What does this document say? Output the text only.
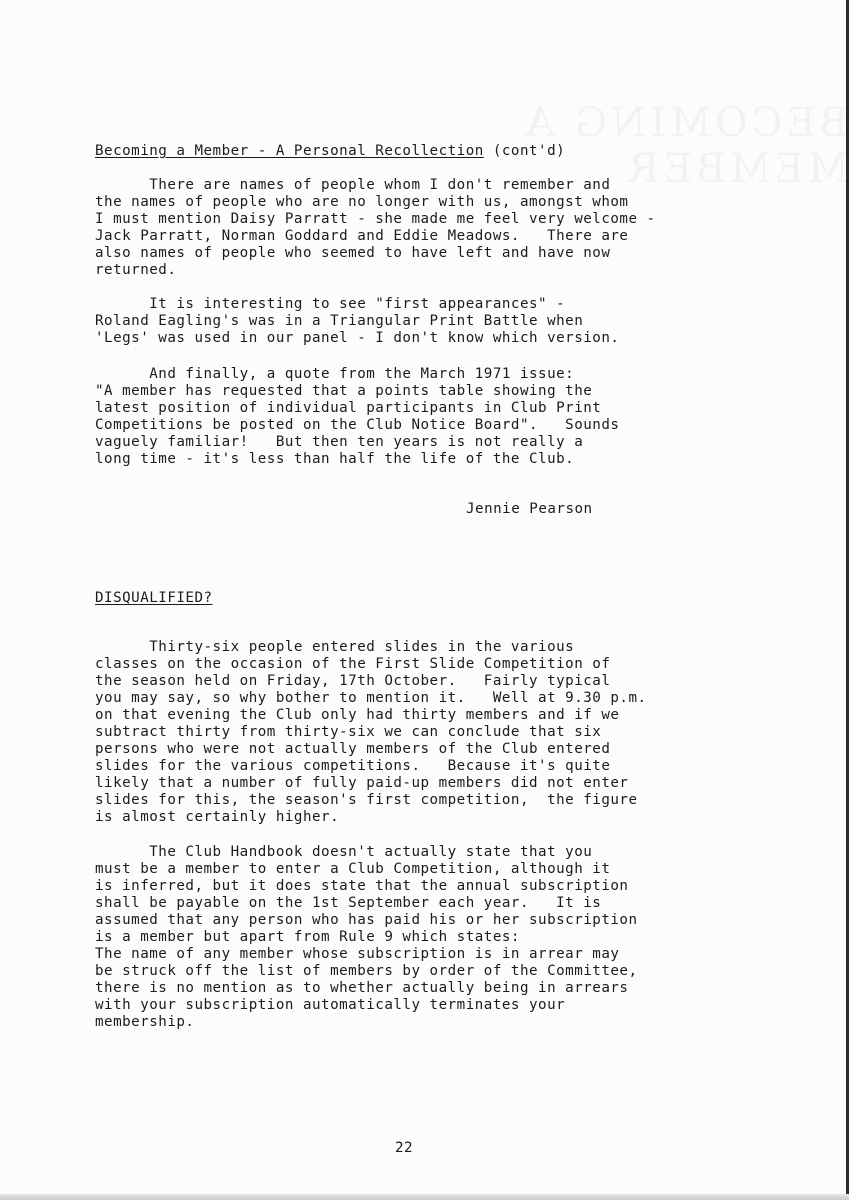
Becoming a Member - A Personal Recollection (cont'd)
There are names of people whom I don't remember and
the names of people who are no longer with us, amongst whom
I must mention Daisy Parratt - she made me feel very welcome -
Jack Parratt, Norman Goddard and Eddie Meadows.   There are
also names of people who seemed to have left and have now
returned.
It is interesting to see "first appearances" -
Roland Eagling's was in a Triangular Print Battle when
'Legs' was used in our panel - I don't know which version.
And finally, a quote from the March 1971 issue:
"A member has requested that a points table showing the
latest position of individual participants in Club Print
Competitions be posted on the Club Notice Board".   Sounds
vaguely familiar!   But then ten years is not really a
long time - it's less than half the life of the Club.
Jennie Pearson
DISQUALIFIED?
Thirty-six people entered slides in the various
classes on the occasion of the First Slide Competition of
the season held on Friday, 17th October.   Fairly typical
you may say, so why bother to mention it.   Well at 9.30 p.m.
on that evening the Club only had thirty members and if we
subtract thirty from thirty-six we can conclude that six
persons who were not actually members of the Club entered
slides for the various competitions.   Because it's quite
likely that a number of fully paid-up members did not enter
slides for this, the season's first competition,  the figure
is almost certainly higher.
The Club Handbook doesn't actually state that you
must be a member to enter a Club Competition, although it
is inferred, but it does state that the annual subscription
shall be payable on the 1st September each year.   It is
assumed that any person who has paid his or her subscription
is a member but apart from Rule 9 which states:
The name of any member whose subscription is in arrear may
be struck off the list of members by order of the Committee,
there is no mention as to whether actually being in arrears
with your subscription automatically terminates your
membership.
22
